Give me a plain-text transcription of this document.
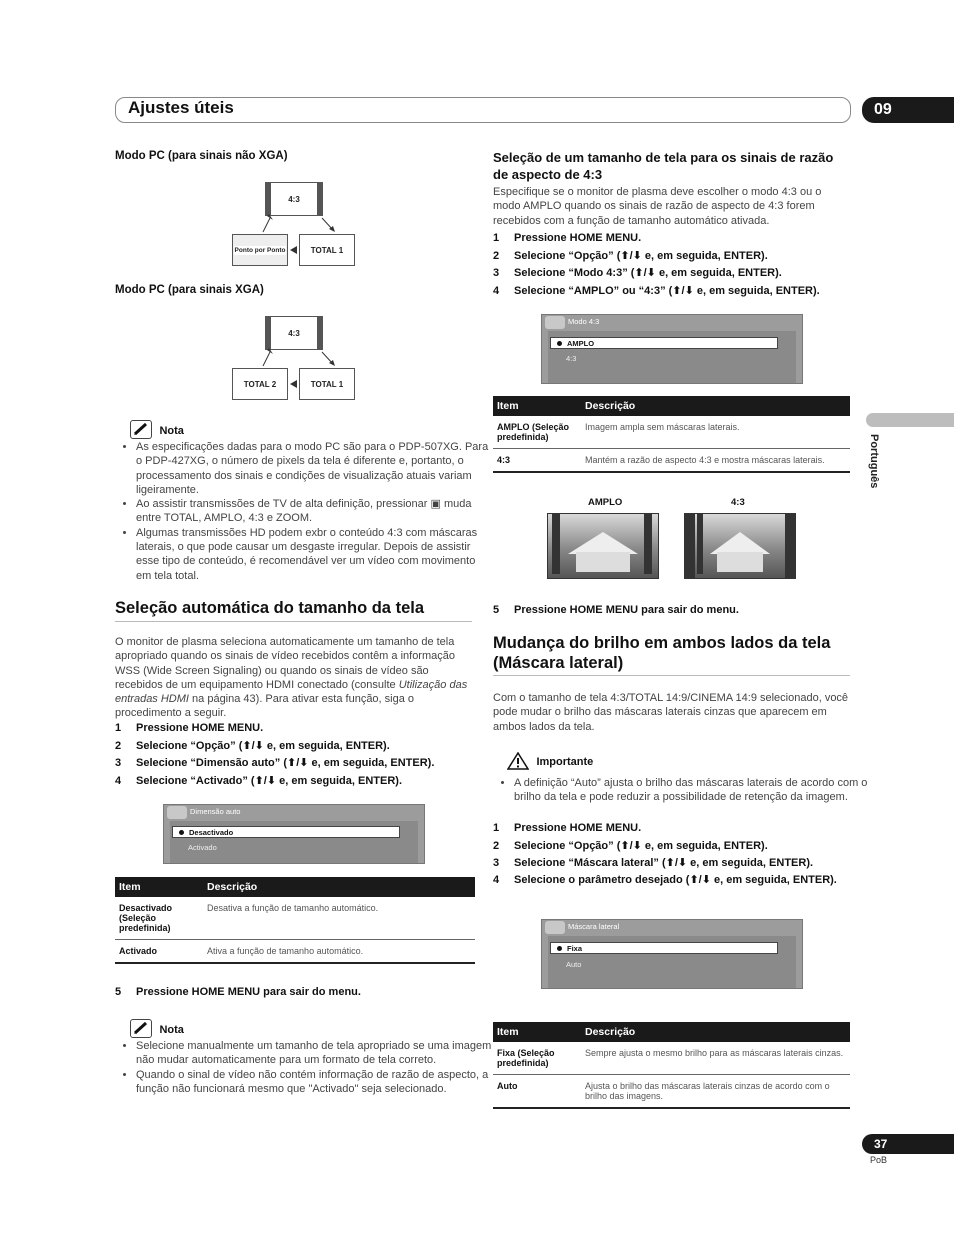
Ajustes úteis	09
Português
Modo PC (para sinais não XGA)
4:3
Ponto por Ponto	TOTAL 1
Modo PC (para sinais XGA)
4:3
TOTAL 2	TOTAL 1
$^{Nota}$
• As especificações dadas para o modo PC são para o PDP-507XG. Para o PDP-427XG, o número de pixels da tela é diferente e, portanto, o processamento dos sinais e condições de visualização atuais variam ligeiramente.
• Ao assistir transmissões de TV de alta definição, pressionar ▣ muda entre TOTAL, AMPLO, 4:3 e ZOOM.
• Algumas transmissões HD podem exbr o conteúdo 4:3 com máscaras laterais, o que pode causar um desgaste irregular. Depois de assistir esse tipo de conteúdo, é recomendável ver um vídeo com movimento em tela total.
Seleção automática do tamanho da tela
O monitor de plasma seleciona automaticamente um tamanho de tela apropriado quando os sinais de vídeo recebidos contêm a informação WSS (Wide Screen Signaling) ou quando os sinais de vídeo são recebidos de um equipamento HDMI conectado (consulte Utilização das entradas HDMI na página 43). Para ativar esta função, siga o procedimento a seguir.
1 Pressione HOME MENU.
2 Selecione “Opção” (⬆/⬇ e, em seguida, ENTER).
3 Selecione “Dimensão auto” (⬆/⬇ e, em seguida, ENTER).
4 Selecione “Activado” (⬆/⬇ e, em seguida, ENTER).
Dimensão auto
Desactivado
Activado
Item	Descrição
Desactivado (Seleção predefinida)	Desativa a função de tamanho automático.
Activado	Ativa a função de tamanho automático.
5 Pressione HOME MENU para sair do menu.
$^{Nota}$
• Selecione manualmente um tamanho de tela apropriado se uma imagem não mudar automaticamente para um formato de tela correto.
• Quando o sinal de vídeo não contém informação de razão de aspecto, a função não funcionará mesmo que "Activado" seja selecionado.
Seleção de um tamanho de tela para os sinais de razão de aspecto de 4:3
Especifique se o monitor de plasma deve escolher o modo 4:3 ou o modo AMPLO quando os sinais de razão de aspecto de 4:3 forem recebidos com a função de tamanho automático ativada.
1 Pressione HOME MENU.
2 Selecione “Opção” (⬆/⬇ e, em seguida, ENTER).
3 Selecione “Modo 4:3” (⬆/⬇ e, em seguida, ENTER).
4 Selecione “AMPLO” ou “4:3” (⬆/⬇ e, em seguida, ENTER).
Modo 4:3
AMPLO
4:3
Item	Descrição
AMPLO (Seleção predefinida)	Imagem ampla sem máscaras laterais.
4:3	Mantém a razão de aspecto 4:3 e mostra máscaras laterais.
AMPLO	4:3
5 Pressione HOME MENU para sair do menu.
Mudança do brilho em ambos lados da tela (Máscara lateral)
Com o tamanho de tela 4:3/TOTAL 14:9/CINEMA 14:9 selecionado, você pode mudar o brilho das máscaras laterais cinzas que aparecem em ambos lados da tela.
Importante
• A definição “Auto” ajusta o brilho das máscaras laterais de acordo com o brilho da tela e pode reduzir a possibilidade de retenção da imagem.
1 Pressione HOME MENU.
2 Selecione “Opção” (⬆/⬇ e, em seguida, ENTER).
3 Selecione “Máscara lateral” (⬆/⬇ e, em seguida, ENTER).
4 Selecione o parâmetro desejado (⬆/⬇ e, em seguida, ENTER).
Máscara lateral
Fixa
Auto
Item	Descrição
Fixa (Seleção predefinida)	Sempre ajusta o mesmo brilho para as máscaras laterais cinzas.
Auto	Ajusta o brilho das máscaras laterais cinzas de acordo com o brilho das imagens.
37
PoB
